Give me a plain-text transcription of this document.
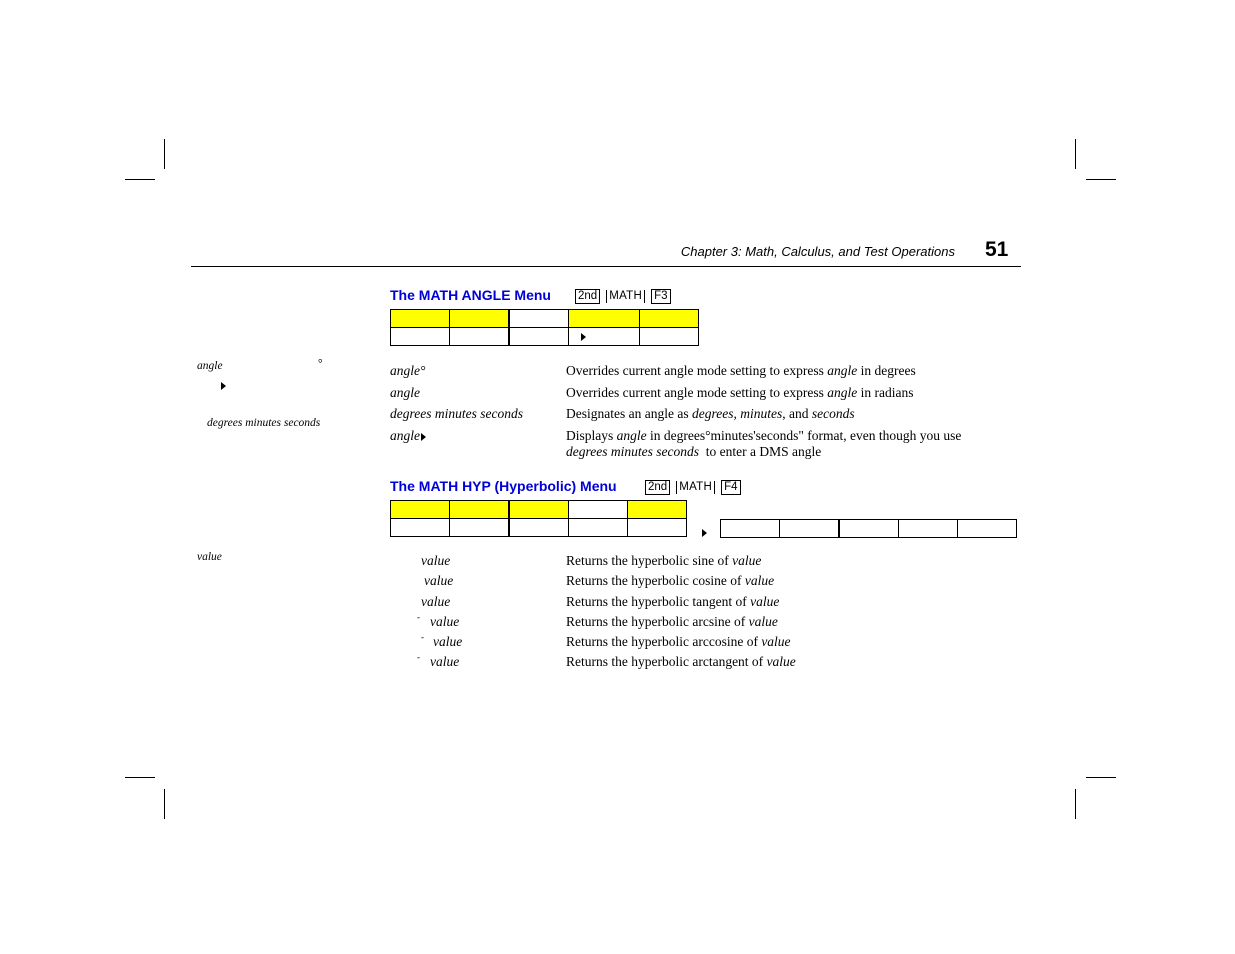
Chapter 3: Math, Calculus, and Test Operations 51
The MATH ANGLE Menu 2nd MATH F3

angle	°
degrees minutes seconds
angle°	Overrides current angle mode setting to express angle in degrees
angle	Overrides current angle mode setting to express angle in radians
degrees minutes seconds	Designates an angle as degrees, minutes, and seconds
angle	Displays angle in degrees°minutes'seconds" format, even though you use
degrees minutes seconds to enter a DMS angle
The MATH HYP (Hyperbolic) Menu	2nd MATH F4

value	value	Returns the hyperbolic sine of value
value	Returns the hyperbolic cosine of value
value	Returns the hyperbolic tangent of value
- value	Returns the hyperbolic arcsine of value
- value	Returns the hyperbolic arccosine of value
- value	Returns the hyperbolic arctangent of value
